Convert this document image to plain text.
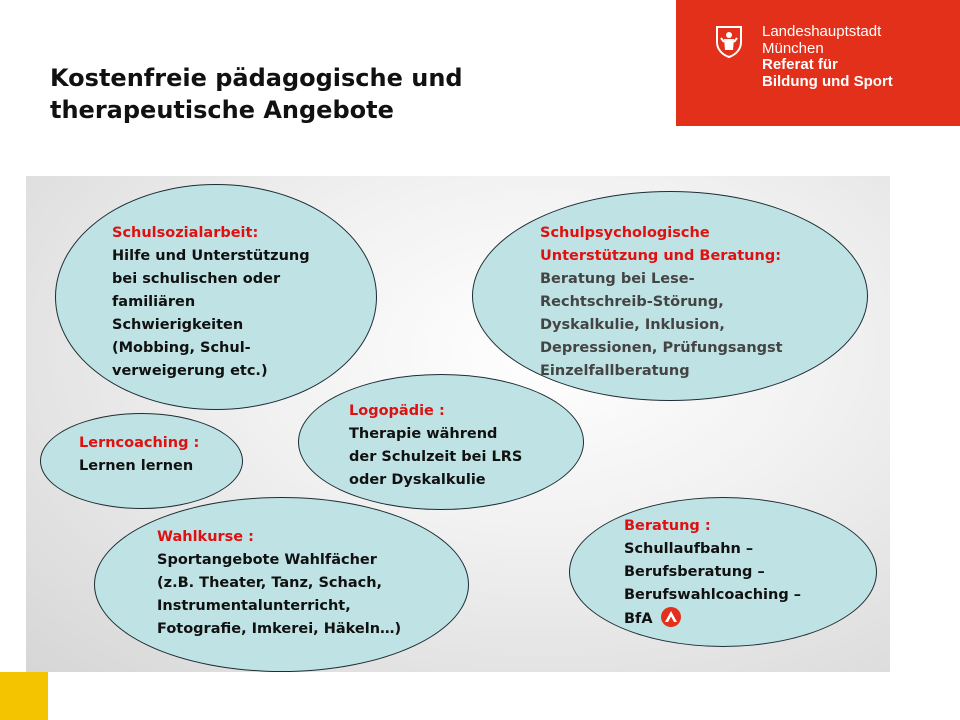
Kostenfreie pädagogische und
therapeutische Angebote
Landeshauptstadt
München
Referat für
Bildung und Sport
Schulsozialarbeit:
Hilfe und Unterstützung
bei schulischen oder
familiären
Schwierigkeiten
(Mobbing, Schul-
verweigerung etc.)
Schulpsychologische
Unterstützung und Beratung:
Beratung bei Lese-
Rechtschreib-Störung,
Dyskalkulie, Inklusion,
Depressionen, Prüfungsangst
Einzelfallberatung
Logopädie :
Therapie während
der Schulzeit bei LRS
oder Dyskalkulie
Lerncoaching :
Lernen lernen
Wahlkurse :
Sportangebote Wahlfächer
(z.B. Theater, Tanz, Schach,
Instrumentalunterricht,
Fotografie, Imkerei, Häkeln…)
Beratung :
Schullaufbahn –
Berufsberatung –
Berufswahlcoaching –
BfA
